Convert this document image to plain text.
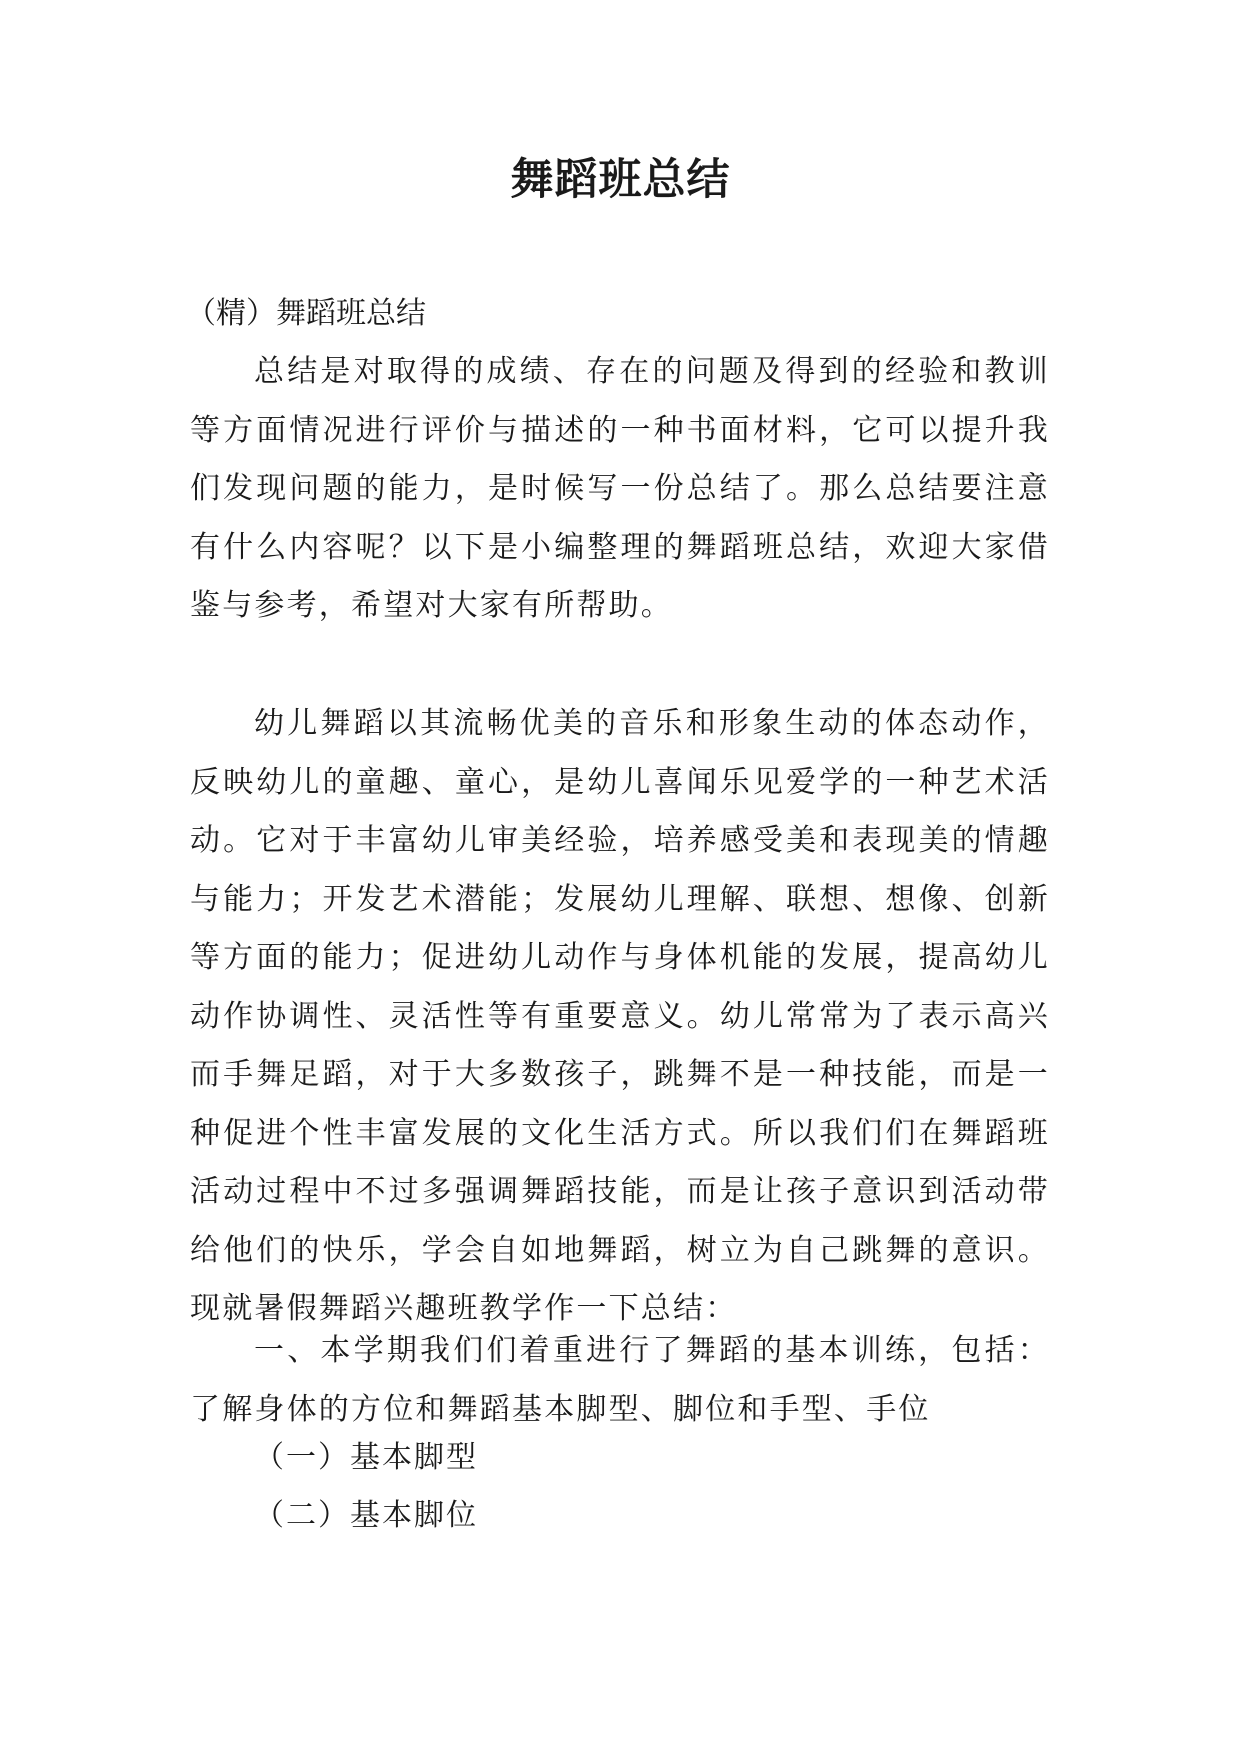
舞蹈班总结

（精）舞蹈班总结

总结是对取得的成绩、存在的问题及得到的经验和教训等方面情况进行评价与描述的一种书面材料，它可以提升我们发现问题的能力，是时候写一份总结了。那么总结要注意有什么内容呢？以下是小编整理的舞蹈班总结，欢迎大家借鉴与参考，希望对大家有所帮助。

幼儿舞蹈以其流畅优美的音乐和形象生动的体态动作，反映幼儿的童趣、童心，是幼儿喜闻乐见爱学的一种艺术活动。它对于丰富幼儿审美经验，培养感受美和表现美的情趣与能力；开发艺术潜能；发展幼儿理解、联想、想像、创新等方面的能力；促进幼儿动作与身体机能的发展，提高幼儿动作协调性、灵活性等有重要意义。幼儿常常为了表示高兴而手舞足蹈，对于大多数孩子，跳舞不是一种技能，而是一种促进个性丰富发展的文化生活方式。所以我们们在舞蹈班活动过程中不过多强调舞蹈技能，而是让孩子意识到活动带给他们的快乐，学会自如地舞蹈，树立为自己跳舞的意识。现就暑假舞蹈兴趣班教学作一下总结：

一、本学期我们们着重进行了舞蹈的基本训练，包括：了解身体的方位和舞蹈基本脚型、脚位和手型、手位

（一）基本脚型

（二）基本脚位
